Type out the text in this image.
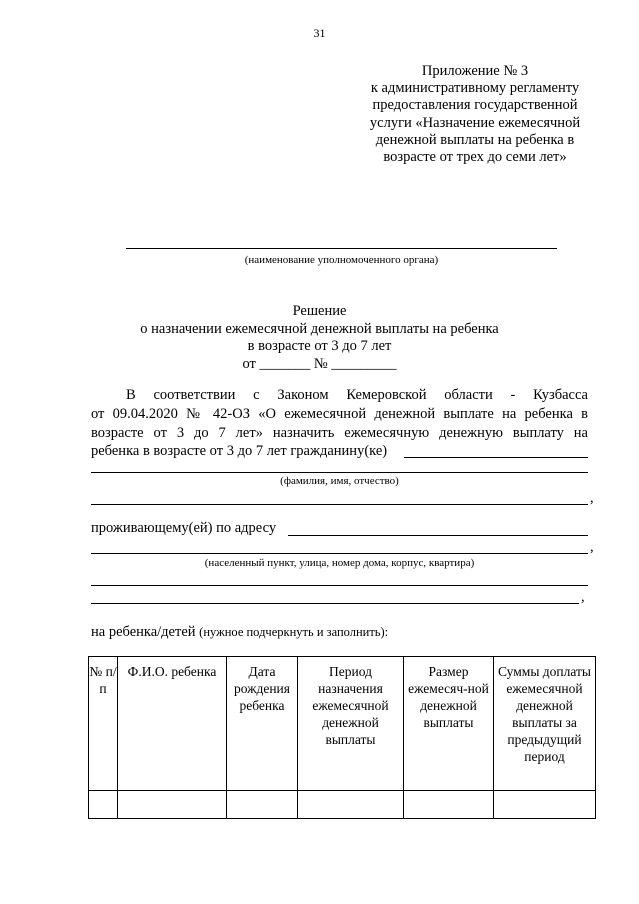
31
Приложение № 3
к административному регламенту
предоставления государственной
услуги «Назначение ежемесячной
денежной выплаты на ребенка в
возрасте от трех до семи лет»
(наименование уполномоченного органа)
Решение
о назначении ежемесячной денежной выплаты на ребенка
в возрасте от 3 до 7 лет
от _______ № _________
В соответствии с Законом Кемеровской области - Кузбасса
от 09.04.2020 № 42-ОЗ «О ежемесячной денежной выплате на ребенка в
возрасте от 3 до 7 лет» назначить ежемесячную денежную выплату на
ребенка в возрасте от 3 до 7 лет гражданину(ке)
(фамилия, имя, отчество)
,
проживающему(ей) по адресу
,
(населенный пункт, улица, номер дома, корпус, квартира)
,
на ребенка/детей (нужное подчеркнуть и заполнить):
№ п/п	Ф.И.О. ребенка	Дата рождения ребенка	Период назначения ежемесячной денежной выплаты	Размер ежемесяч-ной денежной выплаты	Суммы доплаты ежемесячной денежной выплаты за предыдущий период
